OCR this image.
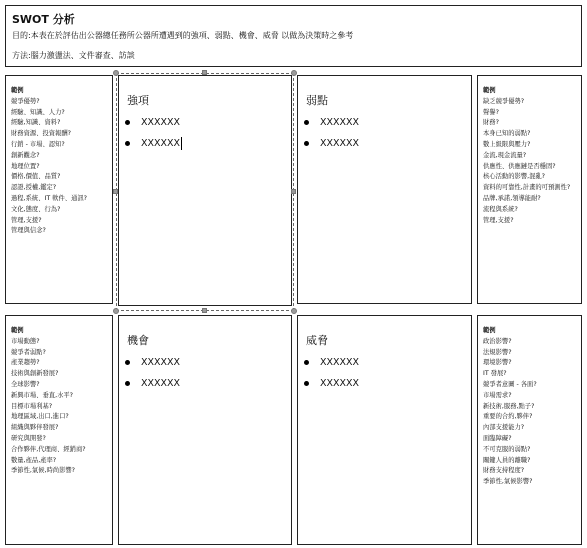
SWOT 分析
目的:本表在於評估出公器總任務所公器所遭遇到的強項、弱點、機會、威脅 以做為決策時之參考
方法:腦力激盪法、文件審查、訪談
範例
競爭優勢?
經驗、知識、人力?
經驗,知識、資料?
財務資源、投資報酬?
行銷 - 市場、認知?
創新觀念?
地理位置?
價格,價值、品質?
認證,授權,鑑定?
過程,系統、IT 軟件、通訊?
文化,態度、行為?
管理,支援?
管理與信念?
強項
XXXXXX
XXXXXX
弱點
XXXXXX
XXXXXX
範例
缺乏競爭優勢?
聲譽?
財務?
本身已知的弱點?
數上級限與壓力?
金流,現金流量?
供應性、供應鏈是否穩固?
核心活動的影響,混亂?
資料的可靠性,計畫的可預測性?
品牌,承諾,領導能耐?
流程與系統?
管理,支援?
範例
市場動態?
競爭者弱點?
產業趨勢?
技術與創新發展?
全球影響?
新興市場、垂直,水平?
目標市場利基?
地理區域,出口,進口?
組織與夥伴發展?
研究與開發?
合作夥伴,代理商、經銷商?
數量,產品,產率?
季節性,氣候,時尚影響?
機會
XXXXXX
XXXXXX
威脅
XXXXXX
XXXXXX
範例
政治影響?
法規影響?
環境影響?
IT 發展?
競爭者意圖 - 各面?
市場需求?
新技術,服務,點子?
重要的合約,夥伴?
內部支援能力?
面臨障礙?
不可克服的弱點?
關鍵人員的離職?
財務支持程度?
季節性,氣候影響?
